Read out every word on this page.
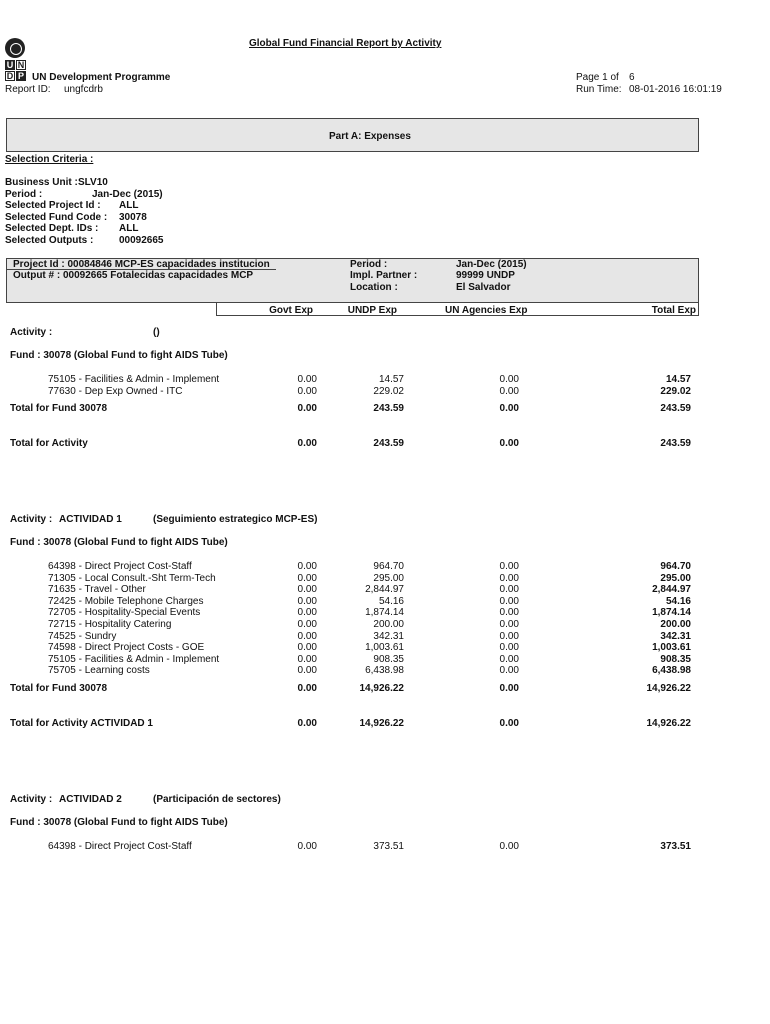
U N
D P
Global Fund Financial Report by Activity
UN Development Programme
Report ID: ungfcdrb
Page 1 of 6
Run Time: 08-01-2016 16:01:19
Part A: Expenses
Selection Criteria :
Business Unit : SLV10
Period :	Jan-Dec (2015)
Selected Project Id : ALL
Selected Fund Code : 30078
Selected Dept. IDs : ALL
Selected Outputs :	00092665
Project Id : 00084846 MCP-ES capacidades institucion
Output # : 00092665 Fotalecidas capacidades MCP
Period :	Jan-Dec (2015)
Impl. Partner :	99999 UNDP
Location :	El Salvador
Govt Exp	UNDP Exp	UN Agencies Exp	Total Exp
Activity :	()
Fund : 30078 (Global Fund to fight AIDS Tube)
75105 - Facilities & Admin - Implement	0.00	14.57	0.00	14.57
77630 - Dep Exp Owned - ITC	0.00	229.02	0.00	229.02
Total for Fund 30078	0.00	243.59	0.00	243.59
Total for Activity	0.00	243.59	0.00	243.59
Activity : ACTIVIDAD 1	(Seguimiento estrategico MCP-ES)
Fund : 30078 (Global Fund to fight AIDS Tube)
64398 - Direct Project Cost-Staff	0.00	964.70	0.00	964.70
71305 - Local Consult.-Sht Term-Tech	0.00	295.00	0.00	295.00
71635 - Travel - Other	0.00	2,844.97	0.00	2,844.97
72425 - Mobile Telephone Charges	0.00	54.16	0.00	54.16
72705 - Hospitality-Special Events	0.00	1,874.14	0.00	1,874.14
72715 - Hospitality Catering	0.00	200.00	0.00	200.00
74525 - Sundry	0.00	342.31	0.00	342.31
74598 - Direct Project Costs - GOE	0.00	1,003.61	0.00	1,003.61
75105 - Facilities & Admin - Implement	0.00	908.35	0.00	908.35
75705 - Learning costs	0.00	6,438.98	0.00	6,438.98
Total for Fund 30078	0.00	14,926.22	0.00	14,926.22
Total for Activity ACTIVIDAD 1	0.00	14,926.22	0.00	14,926.22
Activity : ACTIVIDAD 2	(Participación de sectores)
Fund : 30078 (Global Fund to fight AIDS Tube)
64398 - Direct Project Cost-Staff	0.00	373.51	0.00	373.51
